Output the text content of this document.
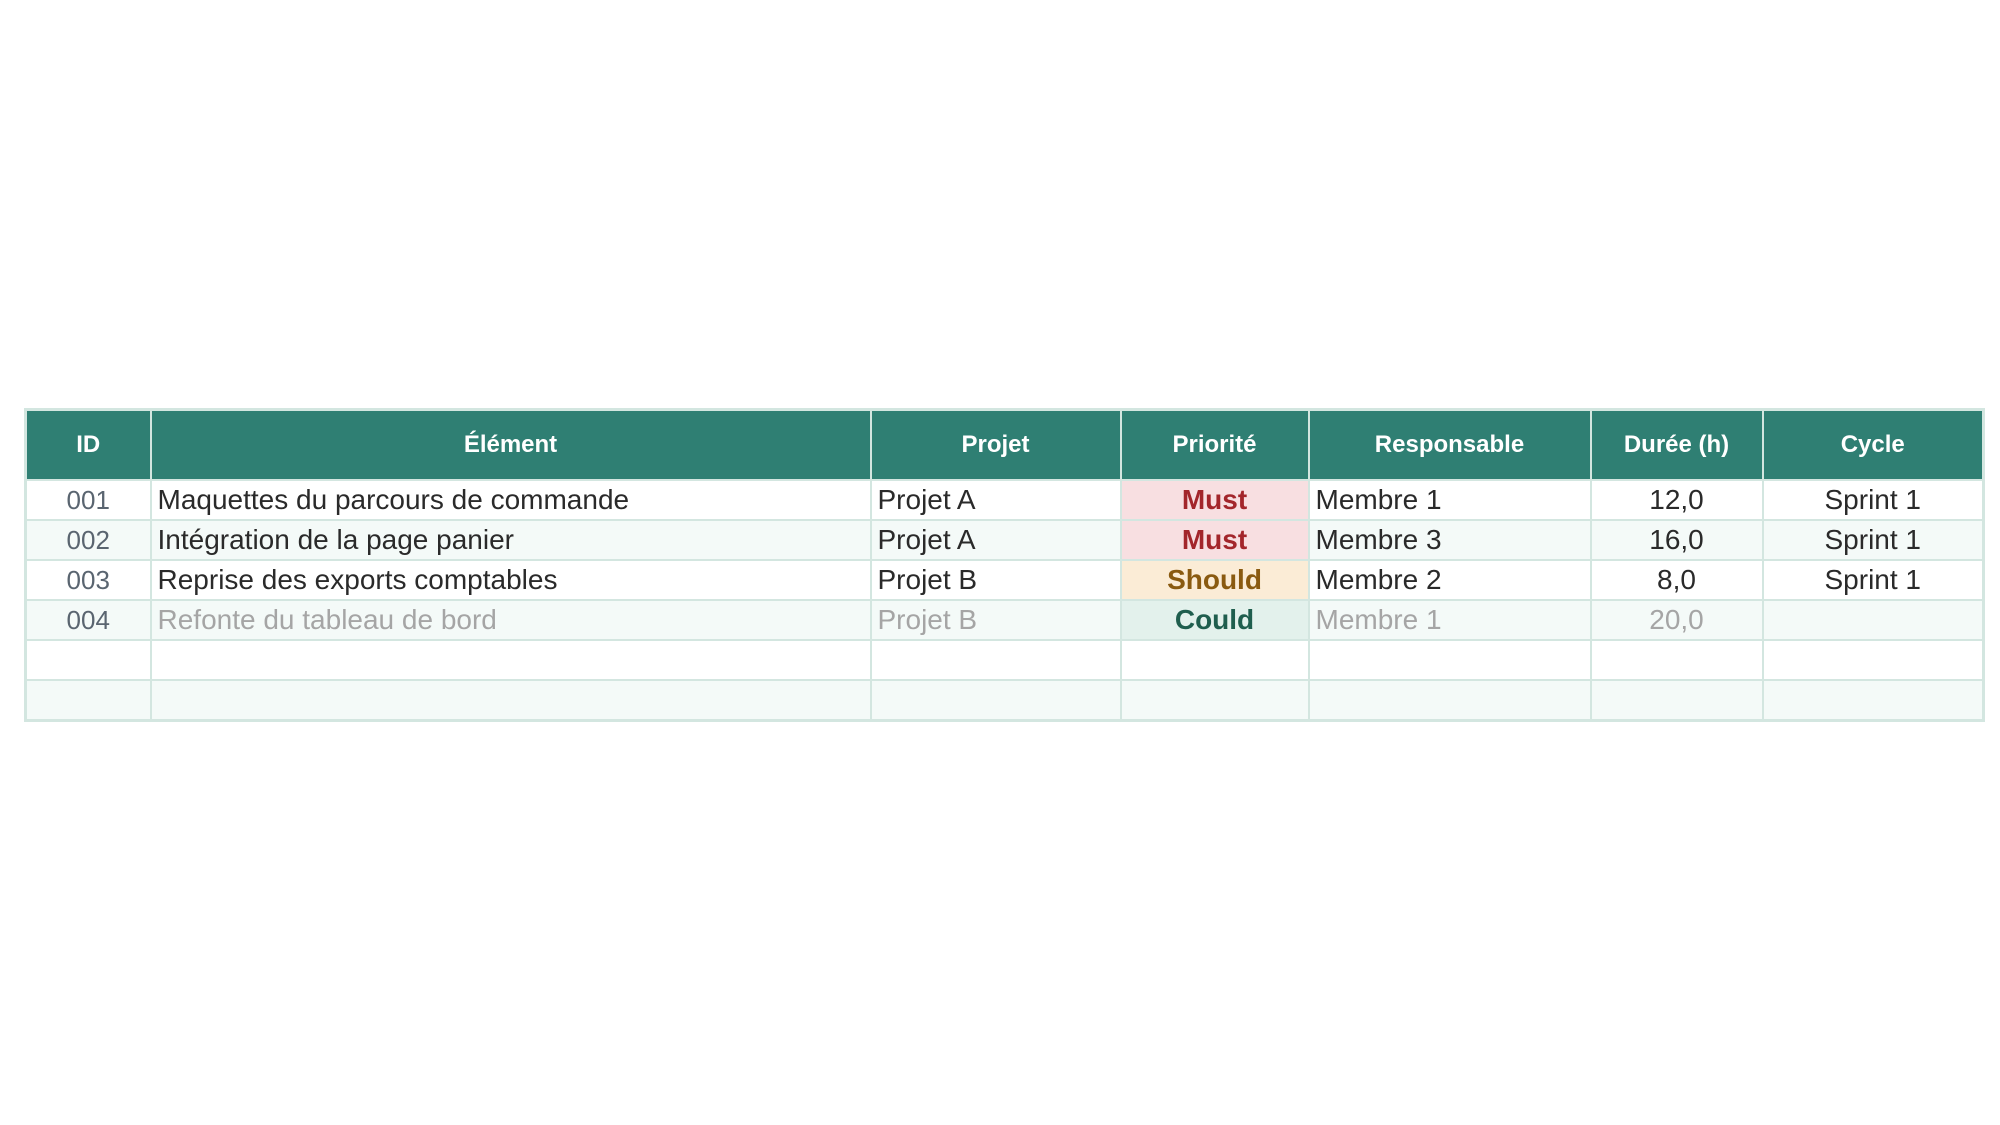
ID	Élément	Projet	Priorité	Responsable	Durée (h)	Cycle
001	Maquettes du parcours de commande	Projet A	Must	Membre 1	12,0	Sprint 1
002	Intégration de la page panier	Projet A	Must	Membre 3	16,0	Sprint 1
003	Reprise des exports comptables	Projet B	Should	Membre 2	8,0	Sprint 1
004	Refonte du tableau de bord	Projet B	Could	Membre 1	20,0	
